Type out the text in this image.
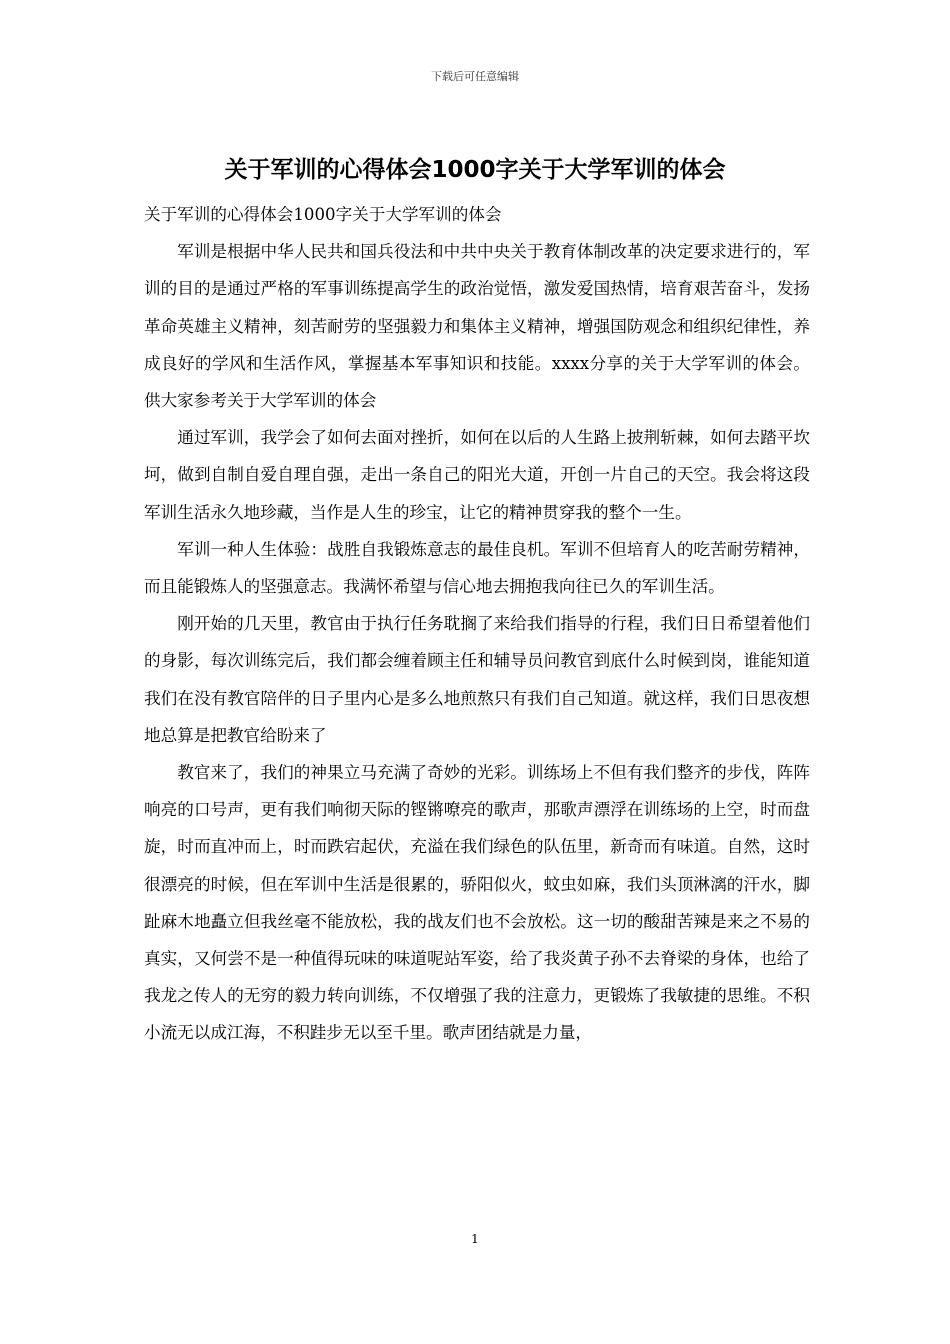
下载后可任意编辑
关于军训的心得体会1000字关于大学军训的体会

关于军训的心得体会1000字关于大学军训的体会

军训是根据中华人民共和国兵役法和中共中央关于教育体制改革的决定要求进行的，军训的目的是通过严格的军事训练提高学生的政治觉悟，激发爱国热情，培育艰苦奋斗，发扬革命英雄主义精神，刻苦耐劳的坚强毅力和集体主义精神，增强国防观念和组织纪律性，养成良好的学风和生活作风，掌握基本军事知识和技能。xxxx分享的关于大学军训的体会。供大家参考关于大学军训的体会

通过军训，我学会了如何去面对挫折，如何在以后的人生路上披荆斩棘，如何去踏平坎坷，做到自制自爱自理自强，走出一条自己的阳光大道，开创一片自己的天空。我会将这段军训生活永久地珍藏，当作是人生的珍宝，让它的精神贯穿我的整个一生。

军训一种人生体验：战胜自我锻炼意志的最佳良机。军训不但培育人的吃苦耐劳精神，而且能锻炼人的坚强意志。我满怀希望与信心地去拥抱我向往已久的军训生活。

刚开始的几天里，教官由于执行任务耽搁了来给我们指导的行程，我们日日希望着他们的身影，每次训练完后，我们都会缠着顾主任和辅导员问教官到底什么时候到岗，谁能知道我们在没有教官陪伴的日子里内心是多么地煎熬只有我们自己知道。就这样，我们日思夜想地总算是把教官给盼来了

教官来了，我们的神果立马充满了奇妙的光彩。训练场上不但有我们整齐的步伐，阵阵响亮的口号声，更有我们响彻天际的铿锵嘹亮的歌声，那歌声漂浮在训练场的上空，时而盘旋，时而直冲而上，时而跌宕起伏，充溢在我们绿色的队伍里，新奇而有味道。自然，这时很漂亮的时候，但在军训中生活是很累的，骄阳似火，蚊虫如麻，我们头顶淋漓的汗水，脚趾麻木地矗立但我丝毫不能放松，我的战友们也不会放松。这一切的酸甜苦辣是来之不易的真实，又何尝不是一种值得玩味的味道呢站军姿，给了我炎黄子孙不去脊梁的身体，也给了我龙之传人的无穷的毅力转向训练，不仅增强了我的注意力，更锻炼了我敏捷的思维。不积小流无以成江海，不积跬步无以至千里。歌声团结就是力量，

1
